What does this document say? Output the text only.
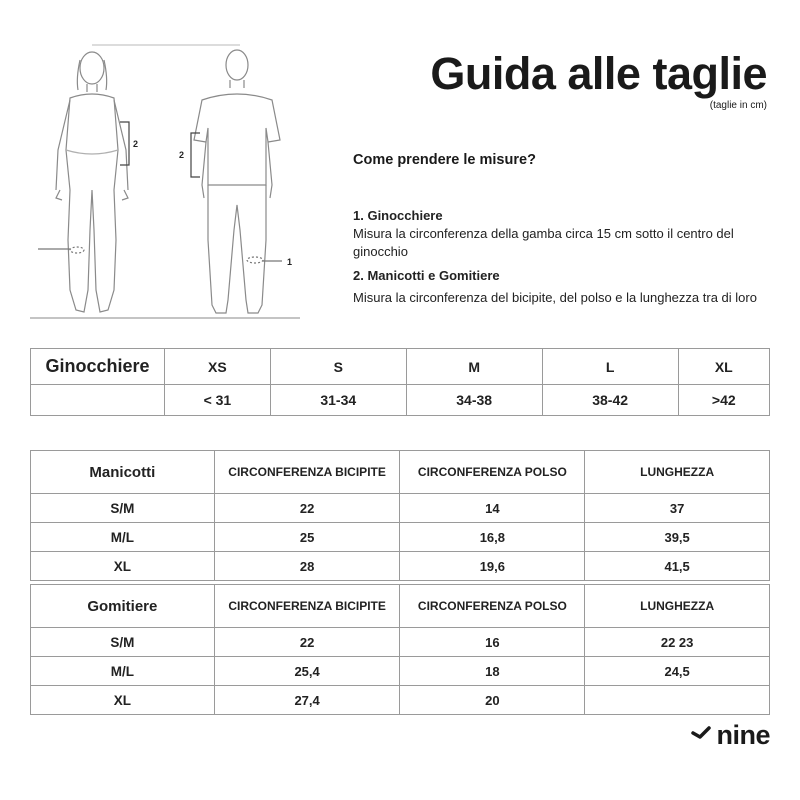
2
2
1
Guida alle taglie
(taglie in cm)
Come prendere le misure?
1. Ginocchiere
Misura la circonferenza della gamba circa 15 cm sotto il centro del ginocchio
2. Manicotti e Gomitiere
Misura la circonferenza del bicipite, del polso e la lunghezza tra di loro
Ginocchiere	XS	S	M	L	XL
	< 31	31-34	34-38	38-42	>42
Manicotti	CIRCONFERENZA BICIPITE	CIRCONFERENZA POLSO	LUNGHEZZA
S/M	22	14	37
M/L	25	16,8	39,5
XL	28	19,6	41,5
Gomitiere	CIRCONFERENZA BICIPITE	CIRCONFERENZA POLSO	LUNGHEZZA
S/M	22	16	22 23
M/L	25,4	18	24,5
XL	27,4	20	
nine
